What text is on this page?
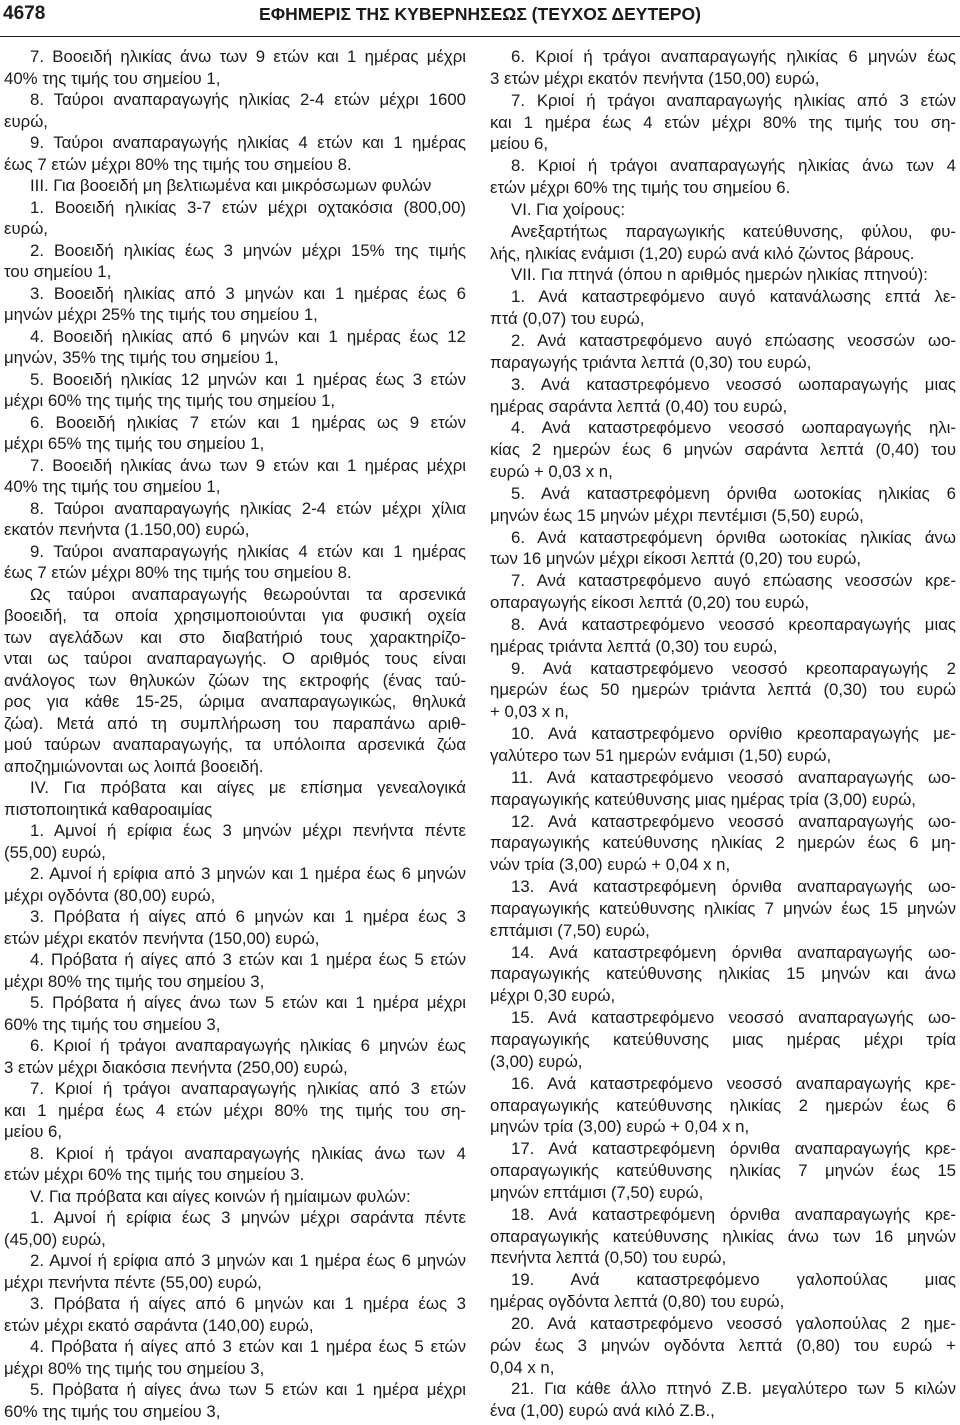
4678	ΕΦΗΜΕΡΙΣ ΤΗΣ ΚΥΒΕΡΝΗΣΕΩΣ (ΤΕΥΧΟΣ ΔΕΥΤΕΡΟ)
7. Βοοειδή ηλικίας άνω των 9 ετών και 1 ημέρας μέχρι
40% της τιμής του σημείου 1,
8. Ταύροι αναπαραγωγής ηλικίας 2-4 ετών μέχρι 1600
ευρώ,
9. Ταύροι αναπαραγωγής ηλικίας 4 ετών και 1 ημέρας
έως 7 ετών μέχρι 80% της τιμής του σημείου 8.
III. Για βοοειδή μη βελτιωμένα και μικρόσωμων φυλών
1. Βοοειδή ηλικίας 3-7 ετών μέχρι οχτακόσια (800,00)
ευρώ,
2. Βοοειδή ηλικίας έως 3 μηνών μέχρι 15% της τιμής
του σημείου 1,
3. Βοοειδή ηλικίας από 3 μηνών και 1 ημέρας έως 6
μηνών μέχρι 25% της τιμής του σημείου 1,
4. Βοοειδή ηλικίας από 6 μηνών και 1 ημέρας έως 12
μηνών, 35% της τιμής του σημείου 1,
5. Βοοειδή ηλικίας 12 μηνών και 1 ημέρας έως 3 ετών
μέχρι 60% της τιμής της τιμής του σημείου 1,
6. Βοοειδή ηλικίας 7 ετών και 1 ημέρας ως 9 ετών
μέχρι 65% της τιμής του σημείου 1,
7. Βοοειδή ηλικίας άνω των 9 ετών και 1 ημέρας μέχρι
40% της τιμής του σημείου 1,
8. Ταύροι αναπαραγωγής ηλικίας 2-4 ετών μέχρι χίλια
εκατόν πενήντα (1.150,00) ευρώ,
9. Ταύροι αναπαραγωγής ηλικίας 4 ετών και 1 ημέρας
έως 7 ετών μέχρι 80% της τιμής του σημείου 8.
Ως ταύροι αναπαραγωγής θεωρούνται τα αρσενικά
βοοειδή, τα οποία χρησιμοποιούνται για φυσική οχεία
των αγελάδων και στο διαβατήριό τους χαρακτηρίζο-
νται ως ταύροι αναπαραγωγής. Ο αριθμός τους είναι
ανάλογος των θηλυκών ζώων της εκτροφής (ένας ταύ-
ρος για κάθε 15-25, ώριμα αναπαραγωγικώς, θηλυκά
ζώα). Μετά από τη συμπλήρωση του παραπάνω αριθ-
μού ταύρων αναπαραγωγής, τα υπόλοιπα αρσενικά ζώα
αποζημιώνονται ως λοιπά βοοειδή.
IV. Για πρόβατα και αίγες με επίσημα γενεαλογικά
πιστοποιητικά καθαροαιμίας
1. Αμνοί ή ερίφια έως 3 μηνών μέχρι πενήντα πέντε
(55,00) ευρώ,
2. Αμνοί ή ερίφια από 3 μηνών και 1 ημέρα έως 6 μηνών
μέχρι ογδόντα (80,00) ευρώ,
3. Πρόβατα ή αίγες από 6 μηνών και 1 ημέρα έως 3
ετών μέχρι εκατόν πενήντα (150,00) ευρώ,
4. Πρόβατα ή αίγες από 3 ετών και 1 ημέρα έως 5 ετών
μέχρι 80% της τιμής του σημείου 3,
5. Πρόβατα ή αίγες άνω των 5 ετών και 1 ημέρα μέχρι
60% της τιμής του σημείου 3,
6. Κριοί ή τράγοι αναπαραγωγής ηλικίας 6 μηνών έως
3 ετών μέχρι διακόσια πενήντα (250,00) ευρώ,
7. Κριοί ή τράγοι αναπαραγωγής ηλικίας από 3 ετών
και 1 ημέρα έως 4 ετών μέχρι 80% της τιμής του ση-
μείου 6,
8. Κριοί ή τράγοι αναπαραγωγής ηλικίας άνω των 4
ετών μέχρι 60% της τιμής του σημείου 3.
V. Για πρόβατα και αίγες κοινών ή ημίαιμων φυλών:
1. Αμνοί ή ερίφια έως 3 μηνών μέχρι σαράντα πέντε
(45,00) ευρώ,
2. Αμνοί ή ερίφια από 3 μηνών και 1 ημέρα έως 6 μηνών
μέχρι πενήντα πέντε (55,00) ευρώ,
3. Πρόβατα ή αίγες από 6 μηνών και 1 ημέρα έως 3
ετών μέχρι εκατό σαράντα (140,00) ευρώ,
4. Πρόβατα ή αίγες από 3 ετών και 1 ημέρα έως 5 ετών
μέχρι 80% της τιμής του σημείου 3,
5. Πρόβατα ή αίγες άνω των 5 ετών και 1 ημέρα μέχρι
60% της τιμής του σημείου 3,
6. Κριοί ή τράγοι αναπαραγωγής ηλικίας 6 μηνών έως
3 ετών μέχρι εκατόν πενήντα (150,00) ευρώ,
7. Κριοί ή τράγοι αναπαραγωγής ηλικίας από 3 ετών
και 1 ημέρα έως 4 ετών μέχρι 80% της τιμής του ση-
μείου 6,
8. Κριοί ή τράγοι αναπαραγωγής ηλικίας άνω των 4
ετών μέχρι 60% της τιμής του σημείου 6.
VI. Για χοίρους:
Ανεξαρτήτως παραγωγικής κατεύθυνσης, φύλου, φυ-
λής, ηλικίας ενάμισι (1,20) ευρώ ανά κιλό ζώντος βάρους.
VII. Για πτηνά (όπου n αριθμός ημερών ηλικίας πτηνού):
1. Ανά καταστρεφόμενο αυγό κατανάλωσης επτά λε-
πτά (0,07) του ευρώ,
2. Ανά καταστρεφόμενο αυγό επώασης νεοσσών ωο-
παραγωγής τριάντα λεπτά (0,30) του ευρώ,
3. Ανά καταστρεφόμενο νεοσσό ωοπαραγωγής μιας
ημέρας σαράντα λεπτά (0,40) του ευρώ,
4. Ανά καταστρεφόμενο νεοσσό ωοπαραγωγής ηλι-
κίας 2 ημερών έως 6 μηνών σαράντα λεπτά (0,40) του
ευρώ + 0,03 x n,
5. Ανά καταστρεφόμενη όρνιθα ωοτοκίας ηλικίας 6
μηνών έως 15 μηνών μέχρι πεντέμισι (5,50) ευρώ,
6. Ανά καταστρεφόμενη όρνιθα ωοτοκίας ηλικίας άνω
των 16 μηνών μέχρι είκοσι λεπτά (0,20) του ευρώ,
7. Ανά καταστρεφόμενο αυγό επώασης νεοσσών κρε-
οπαραγωγής είκοσι λεπτά (0,20) του ευρώ,
8. Ανά καταστρεφόμενο νεοσσό κρεοπαραγωγής μιας
ημέρας τριάντα λεπτά (0,30) του ευρώ,
9. Ανά καταστρεφόμενο νεοσσό κρεοπαραγωγής 2
ημερών έως 50 ημερών τριάντα λεπτά (0,30) του ευρώ
+ 0,03 x n,
10. Ανά καταστρεφόμενο ορνίθιο κρεοπαραγωγής με-
γαλύτερο των 51 ημερών ενάμισι (1,50) ευρώ,
11. Ανά καταστρεφόμενο νεοσσό αναπαραγωγής ωο-
παραγωγικής κατεύθυνσης μιας ημέρας τρία (3,00) ευρώ,
12. Ανά καταστρεφόμενο νεοσσό αναπαραγωγής ωο-
παραγωγικής κατεύθυνσης ηλικίας 2 ημερών έως 6 μη-
νών τρία (3,00) ευρώ + 0,04 x n,
13. Ανά καταστρεφόμενη όρνιθα αναπαραγωγής ωο-
παραγωγικής κατεύθυνσης ηλικίας 7 μηνών έως 15 μηνών
επτάμισι (7,50) ευρώ,
14. Ανά καταστρεφόμενη όρνιθα αναπαραγωγής ωο-
παραγωγικής κατεύθυνσης ηλικίας 15 μηνών και άνω
μέχρι 0,30 ευρώ,
15. Ανά καταστρεφόμενο νεοσσό αναπαραγωγής ωο-
παραγωγικής κατεύθυνσης μιας ημέρας μέχρι τρία
(3,00) ευρώ,
16. Ανά καταστρεφόμενο νεοσσό αναπαραγωγής κρε-
οπαραγωγικής κατεύθυνσης ηλικίας 2 ημερών έως 6
μηνών τρία (3,00) ευρώ + 0,04 x n,
17. Ανά καταστρεφόμενη όρνιθα αναπαραγωγής κρε-
οπαραγωγικής κατεύθυνσης ηλικίας 7 μηνών έως 15
μηνών επτάμισι (7,50) ευρώ,
18. Ανά καταστρεφόμενη όρνιθα αναπαραγωγής κρε-
οπαραγωγικής κατεύθυνσης ηλικίας άνω των 16 μηνών
πενήντα λεπτά (0,50) του ευρώ,
19. Ανά καταστρεφόμενο γαλοπούλας μιας
ημέρας ογδόντα λεπτά (0,80) του ευρώ,
20. Ανά καταστρεφόμενο νεοσσό γαλοπούλας 2 ημε-
ρών έως 3 μηνών ογδόντα λεπτά (0,80) του ευρώ +
0,04 x n,
21. Για κάθε άλλο πτηνό Ζ.Β. μεγαλύτερο των 5 κιλών
ένα (1,00) ευρώ ανά κιλό Ζ.Β.,
